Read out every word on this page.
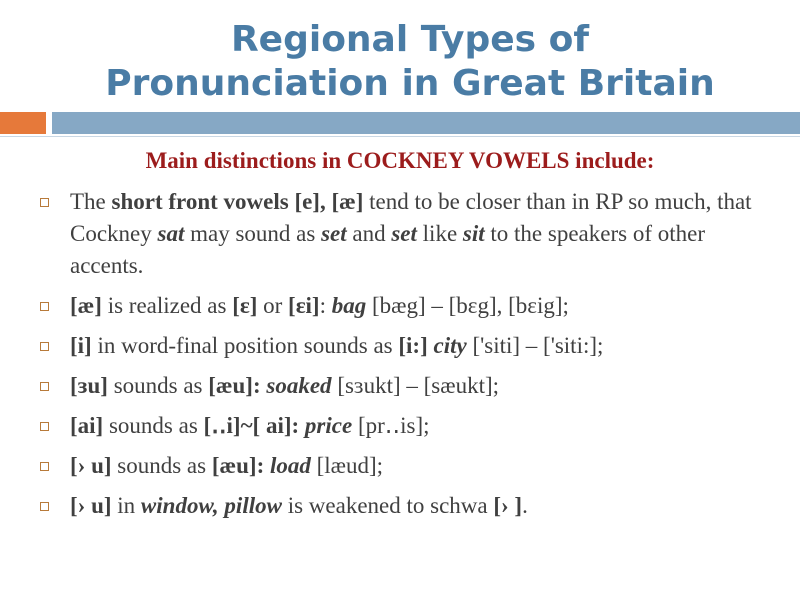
Regional Types of
Pronunciation in Great Britain
Main distinctions in COCKNEY VOWELS include:
The short front vowels [e], [æ] tend to be closer than in RP so much, that Cockney sat may sound as set and set like sit to the speakers of other accents.
[æ] is realized as [ɛ] or [ɛi]: bag [bæg] – [bɛg], [bɛig];
[i] in word-final position sounds as [i:] city ['siti] – ['siti:];
[ɜu] sounds as [æu]: soaked [sɜukt] – [sæukt];
[ai] sounds as [‥i]~[ ai]: price [pr‥is];
[› u] sounds as [æu]: load [læud];
[› u] in window, pillow is weakened to schwa [› ].
